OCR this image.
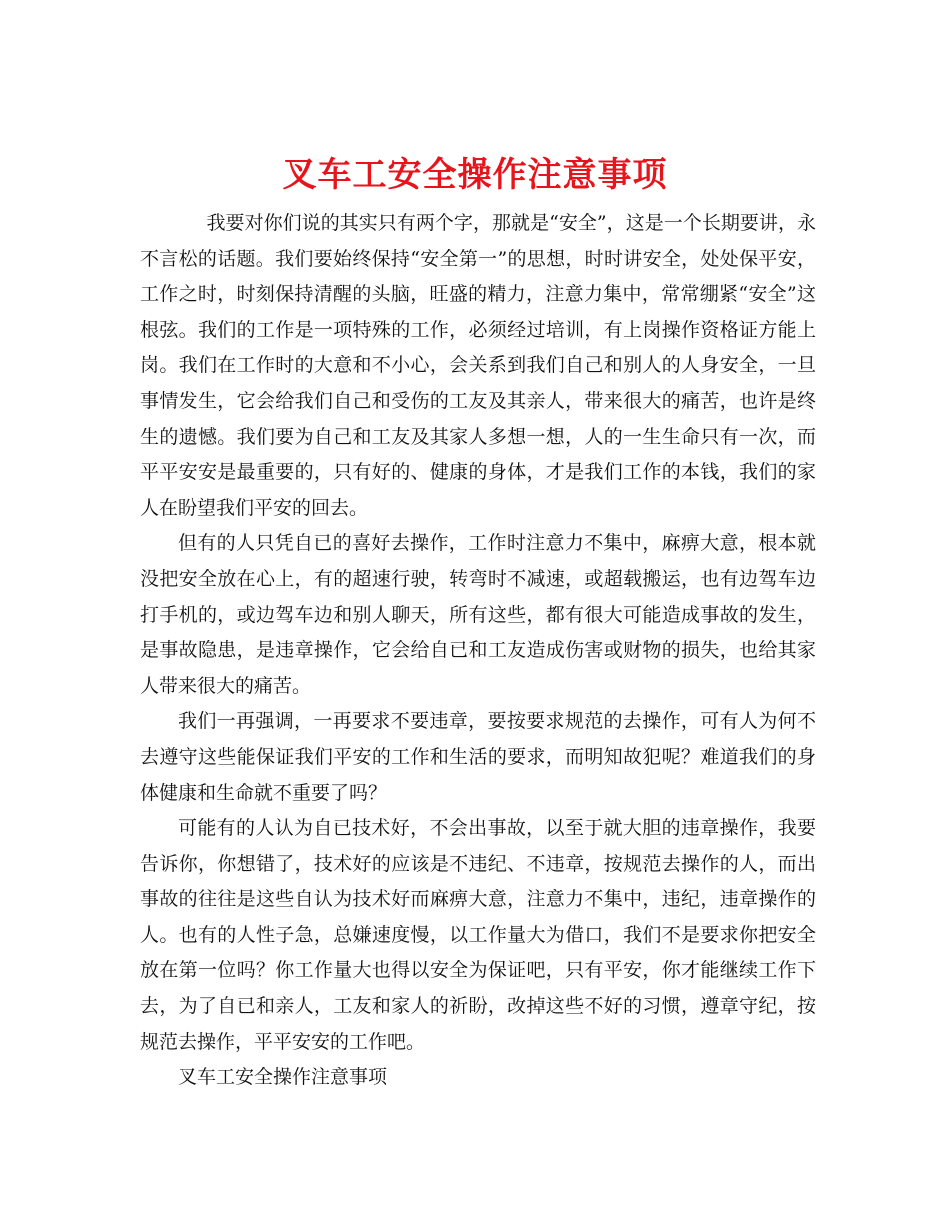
叉车工安全操作注意事项

我要对你们说的其实只有两个字，那就是“安全”，这是一个长期要讲，永不言松的话题。我们要始终保持“安全第一”的思想，时时讲安全，处处保平安，工作之时，时刻保持清醒的头脑，旺盛的精力，注意力集中，常常绷紧“安全”这根弦。我们的工作是一项特殊的工作，必须经过培训，有上岗操作资格证方能上岗。我们在工作时的大意和不小心，会关系到我们自己和别人的人身安全，一旦事情发生，它会给我们自己和受伤的工友及其亲人，带来很大的痛苦，也许是终生的遗憾。我们要为自己和工友及其家人多想一想，人的一生生命只有一次，而平平安安是最重要的，只有好的、健康的身体，才是我们工作的本钱，我们的家人在盼望我们平安的回去。

但有的人只凭自已的喜好去操作，工作时注意力不集中，麻痹大意，根本就没把安全放在心上，有的超速行驶，转弯时不减速，或超载搬运，也有边驾车边打手机的，或边驾车边和别人聊天，所有这些，都有很大可能造成事故的发生，是事故隐患，是违章操作，它会给自已和工友造成伤害或财物的损失，也给其家人带来很大的痛苦。

我们一再强调，一再要求不要违章，要按要求规范的去操作，可有人为何不去遵守这些能保证我们平安的工作和生活的要求，而明知故犯呢？难道我们的身体健康和生命就不重要了吗？

可能有的人认为自已技术好，不会出事故，以至于就大胆的违章操作，我要告诉你，你想错了，技术好的应该是不违纪、不违章，按规范去操作的人，而出事故的往往是这些自认为技术好而麻痹大意，注意力不集中，违纪，违章操作的人。也有的人性子急，总嫌速度慢，以工作量大为借口，我们不是要求你把安全放在第一位吗？你工作量大也得以安全为保证吧，只有平安，你才能继续工作下去，为了自已和亲人，工友和家人的祈盼，改掉这些不好的习惯，遵章守纪，按规范去操作，平平安安的工作吧。

叉车工安全操作注意事项
